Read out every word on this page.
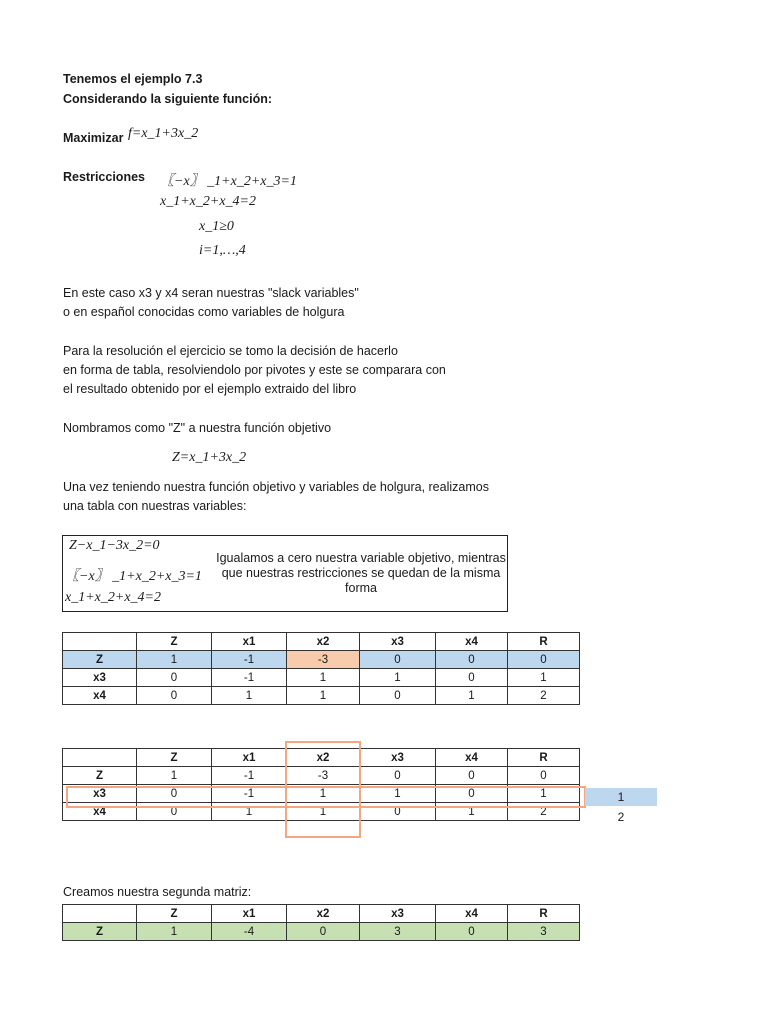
Tenemos el ejemplo 7.3
Considerando la siguiente función:
Maximizar f=x_1+3x_2
Restricciones 〖−x〗 _1+x_2+x_3=1
x_1+x_2+x_4=2
x_1≥0
i=1,…,4
En este caso x3 y x4 seran nuestras "slack variables"
o en español conocidas como variables de holgura
Para la resolución el ejercicio se tomo la decisión de hacerlo
en forma de tabla, resolviendolo por pivotes y este se comparara con
el resultado obtenido por el ejemplo extraido del libro
Nombramos como "Z" a nuestra función objetivo
Z=x_1+3x_2
Una vez teniendo nuestra función objetivo y variables de holgura, realizamos
una tabla con nuestras variables:
Z−x_1−3x_2=0
〖−x〗 _1+x_2+x_3=1
x_1+x_2+x_4=2
Igualamos a cero nuestra variable objetivo, mientras que nuestras restricciones se quedan de la misma forma
	Z	x1	x2	x3	x4	R
Z	1	-1	-3	0	0	0
x3	0	-1	1	1	0	1
x4	0	1	1	0	1	2
	Z	x1	x2	x3	x4	R
Z	1	-1	-3	0	0	0
x3	0	-1	1	1	0	1
x4	0	1	1	0	1	2
1
2
Creamos nuestra segunda matriz:
	Z	x1	x2	x3	x4	R
Z	1	-4	0	3	0	3
